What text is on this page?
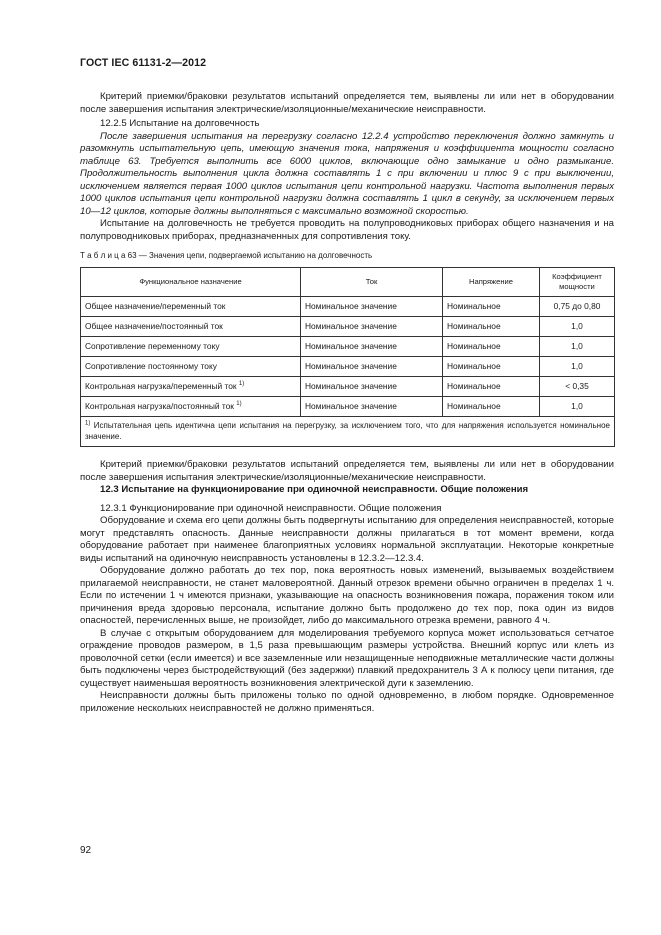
ГОСТ IEC 61131-2—2012

Критерий приемки/браковки результатов испытаний определяется тем, выявлены ли или нет в оборудовании после завершения испытания электрические/изоляционные/механические неисправности.

12.2.5 Испытание на долговечность

После завершения испытания на перегрузку согласно 12.2.4 устройство переключения должно замкнуть и разомкнуть испытательную цепь, имеющую значения тока, напряжения и коэффициента мощности согласно таблице 63. Требуется выполнить все 6000 циклов, включающие одно замыкание и одно размыкание. Продолжительность выполнения цикла должна составлять 1 с при включении и плюс 9 с при выключении, исключением является первая 1000 циклов испытания цепи контрольной нагрузки. Частота выполнения первых 1000 циклов испытания цепи контрольной нагрузки должна составлять 1 цикл в секунду, за исключением первых 10—12 циклов, которые должны выполняться с максимально возможной скоростью.

Испытание на долговечность не требуется проводить на полупроводниковых приборах общего назначения и на полупроводниковых приборах, предназначенных для сопротивления току.

Т а б л и ц а 63 — Значения цепи, подвергаемой испытанию на долговечность
Функциональное назначение	Ток	Напряжение	Коэффициент мощности
Общее назначение/переменный ток	Номинальное значение	Номинальное	0,75 до 0,80
Общее назначение/постоянный ток	Номинальное значение	Номинальное	1,0
Сопротивление переменному току	Номинальное значение	Номинальное	1,0
Сопротивление постоянному току	Номинальное значение	Номинальное	1,0
Контрольная нагрузка/переменный ток $^{1)}$	Номинальное значение	Номинальное	< 0,35
Контрольная нагрузка/постоянный ток $^{1)}$	Номинальное значение	Номинальное	1,0
$^{1)}$ Испытательная цепь идентична цепи испытания на перегрузку, за исключением того, что для напряжения используется номинальное значение.			

Критерий приемки/браковки результатов испытаний определяется тем, выявлены ли или нет в оборудовании после завершения испытания электрические/изоляционные/механические неисправности.

12.3 Испытание на функционирование при одиночной неисправности. Общие положения

12.3.1 Функционирование при одиночной неисправности. Общие положения

Оборудование и схема его цепи должны быть подвергнуты испытанию для определения неисправностей, которые могут представлять опасность. Данные неисправности должны прилагаться в тот момент времени, когда оборудование работает при наименее благоприятных условиях нормальной эксплуатации. Некоторые конкретные виды испытаний на одиночную неисправность установлены в 12.3.2—12.3.4.

Оборудование должно работать до тех пор, пока вероятность новых изменений, вызываемых воздействием прилагаемой неисправности, не станет маловероятной. Данный отрезок времени обычно ограничен в пределах 1 ч. Если по истечении 1 ч имеются признаки, указывающие на опасность возникновения пожара, поражения током или причинения вреда здоровью персонала, испытание должно быть продолжено до тех пор, пока один из видов опасностей, перечисленных выше, не произойдет, либо до максимального отрезка времени, равного 4 ч.

В случае с открытым оборудованием для моделирования требуемого корпуса может использоваться сетчатое ограждение проводов размером, в 1,5 раза превышающим размеры устройства. Внешний корпус или клеть из проволочной сетки (если имеется) и все заземленные или незащищенные неподвижные металлические части должны быть подключены через быстродействующий (без задержки) плавкий предохранитель 3 А к полюсу цепи питания, где существует наименьшая вероятность возникновения электрической дуги к заземлению.

Неисправности должны быть приложены только по одной одновременно, в любом порядке. Одновременное приложение нескольких неисправностей не должно применяться.

92
